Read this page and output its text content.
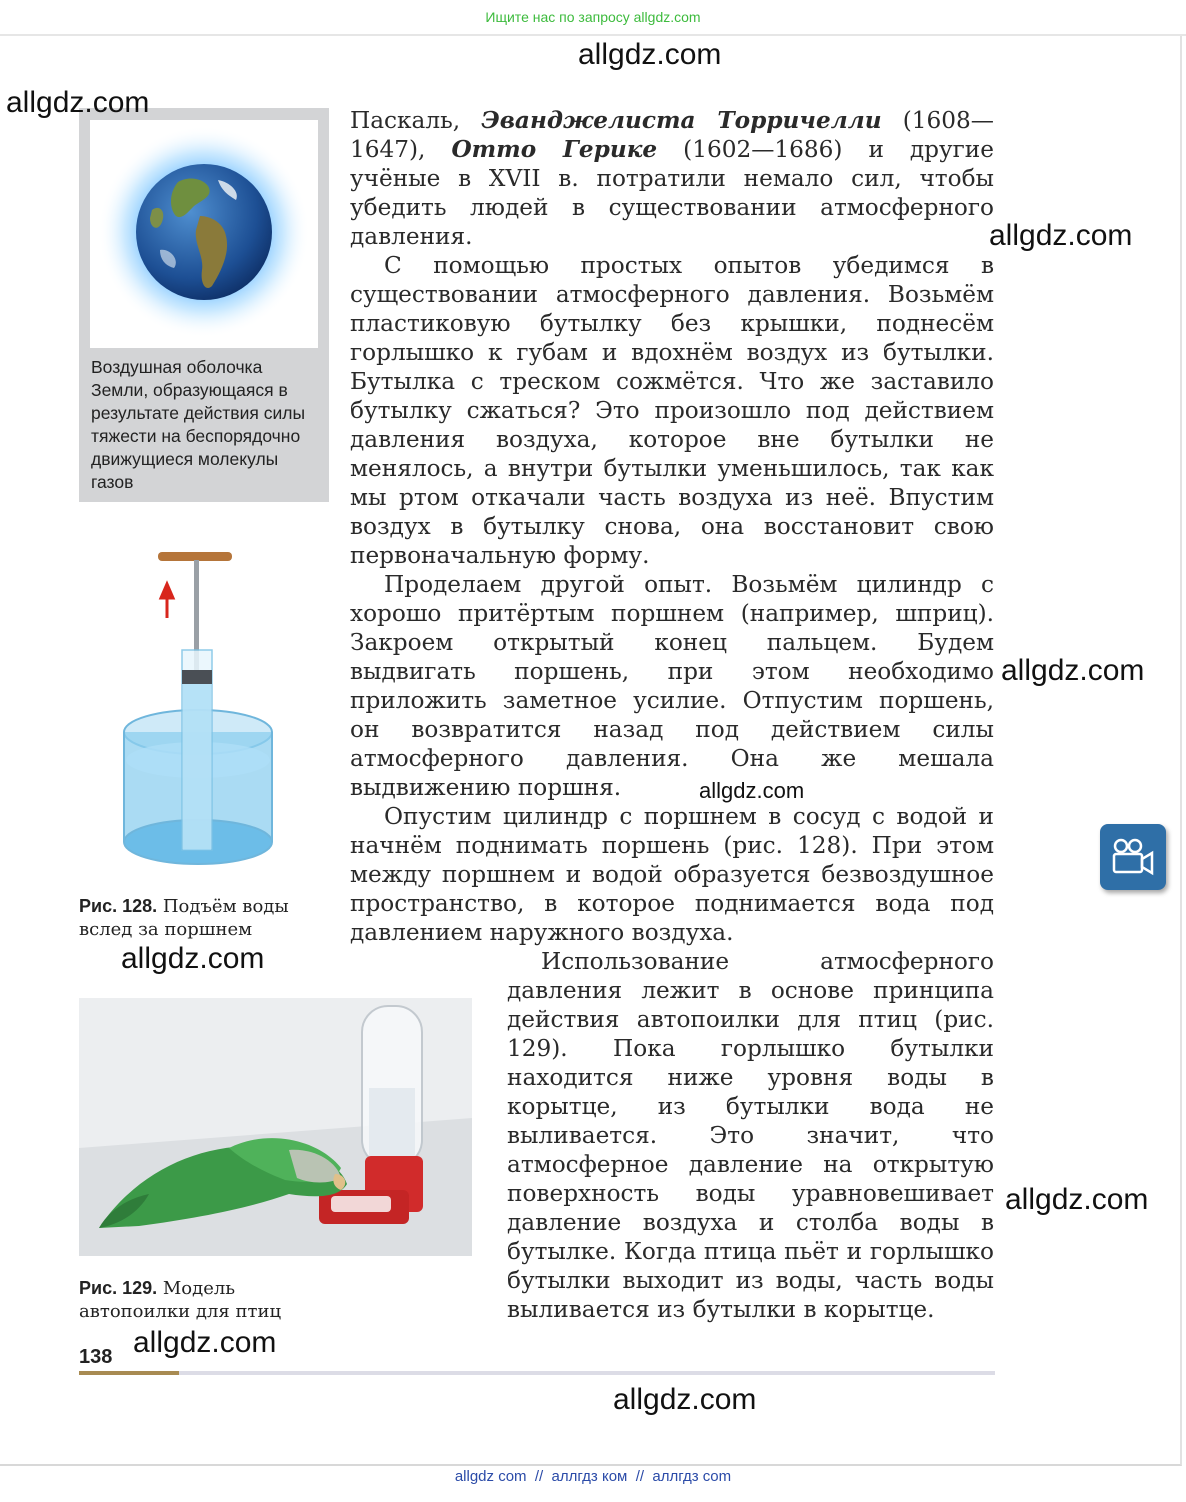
Ищите нас по запросу allgdz.com
Воздушная оболочка Земли, образующаяся в результате действия силы тяжести на беспорядочно движущиеся молекулы газов
Рис. 128. Подъём воды вслед за поршнем
Рис. 129. Модель автопоилки для птиц

Паскаль, Эванджелиста Торричелли (1608—1647), Отто Герике (1602—1686) и другие учёные в XVII в. потратили немало сил, чтобы убедить людей в существовании атмосферного давления.

С помощью простых опытов убедимся в существовании атмосферного давления. Возьмём пластиковую бутылку без крышки, поднесём горлышко к губам и вдохнём воздух из бутылки. Бутылка с треском сожмётся. Что же заставило бутылку сжаться? Это произошло под действием давления воздуха, которое вне бутылки не менялось, а внутри бутылки уменьшилось, так как мы ртом откачали часть воздуха из неё. Впустим воздух в бутылку снова, она восстановит свою первоначальную форму.

Проделаем другой опыт. Возьмём цилиндр с хорошо притёртым поршнем (например, шприц). Закроем открытый конец пальцем. Будем выдвигать поршень, при этом необходимо приложить заметное усилие. Отпустим поршень, он возвратится назад под действием силы атмосферного давления. Она же мешала выдвижению поршня.

Опустим цилиндр с поршнем в сосуд с водой и начнём поднимать поршень (рис. 128). При этом между поршнем и водой образуется безвоздушное пространство, в которое поднимается вода под давлением наружного воздуха.

Использование атмосферного давления лежит в основе принципа действия автопоилки для птиц (рис. 129). Пока горлышко бутылки находится ниже уровня воды в корытце, из бутылки вода не выливается. Это значит, что атмосферное давление на открытую поверхность воды уравновешивает давление воздуха и столба воды в бутылке. Когда птица пьёт и горлышко бутылки выходит из воды, часть воды выливается из бутылки в корытце.

138
allgdz.com
allgdz.com
allgdz.com
allgdz.com
allgdz.com
allgdz.com
allgdz.com
allgdz.com
allgdz.com
allgdz com  //  аллгдз ком  //  аллгдз com
